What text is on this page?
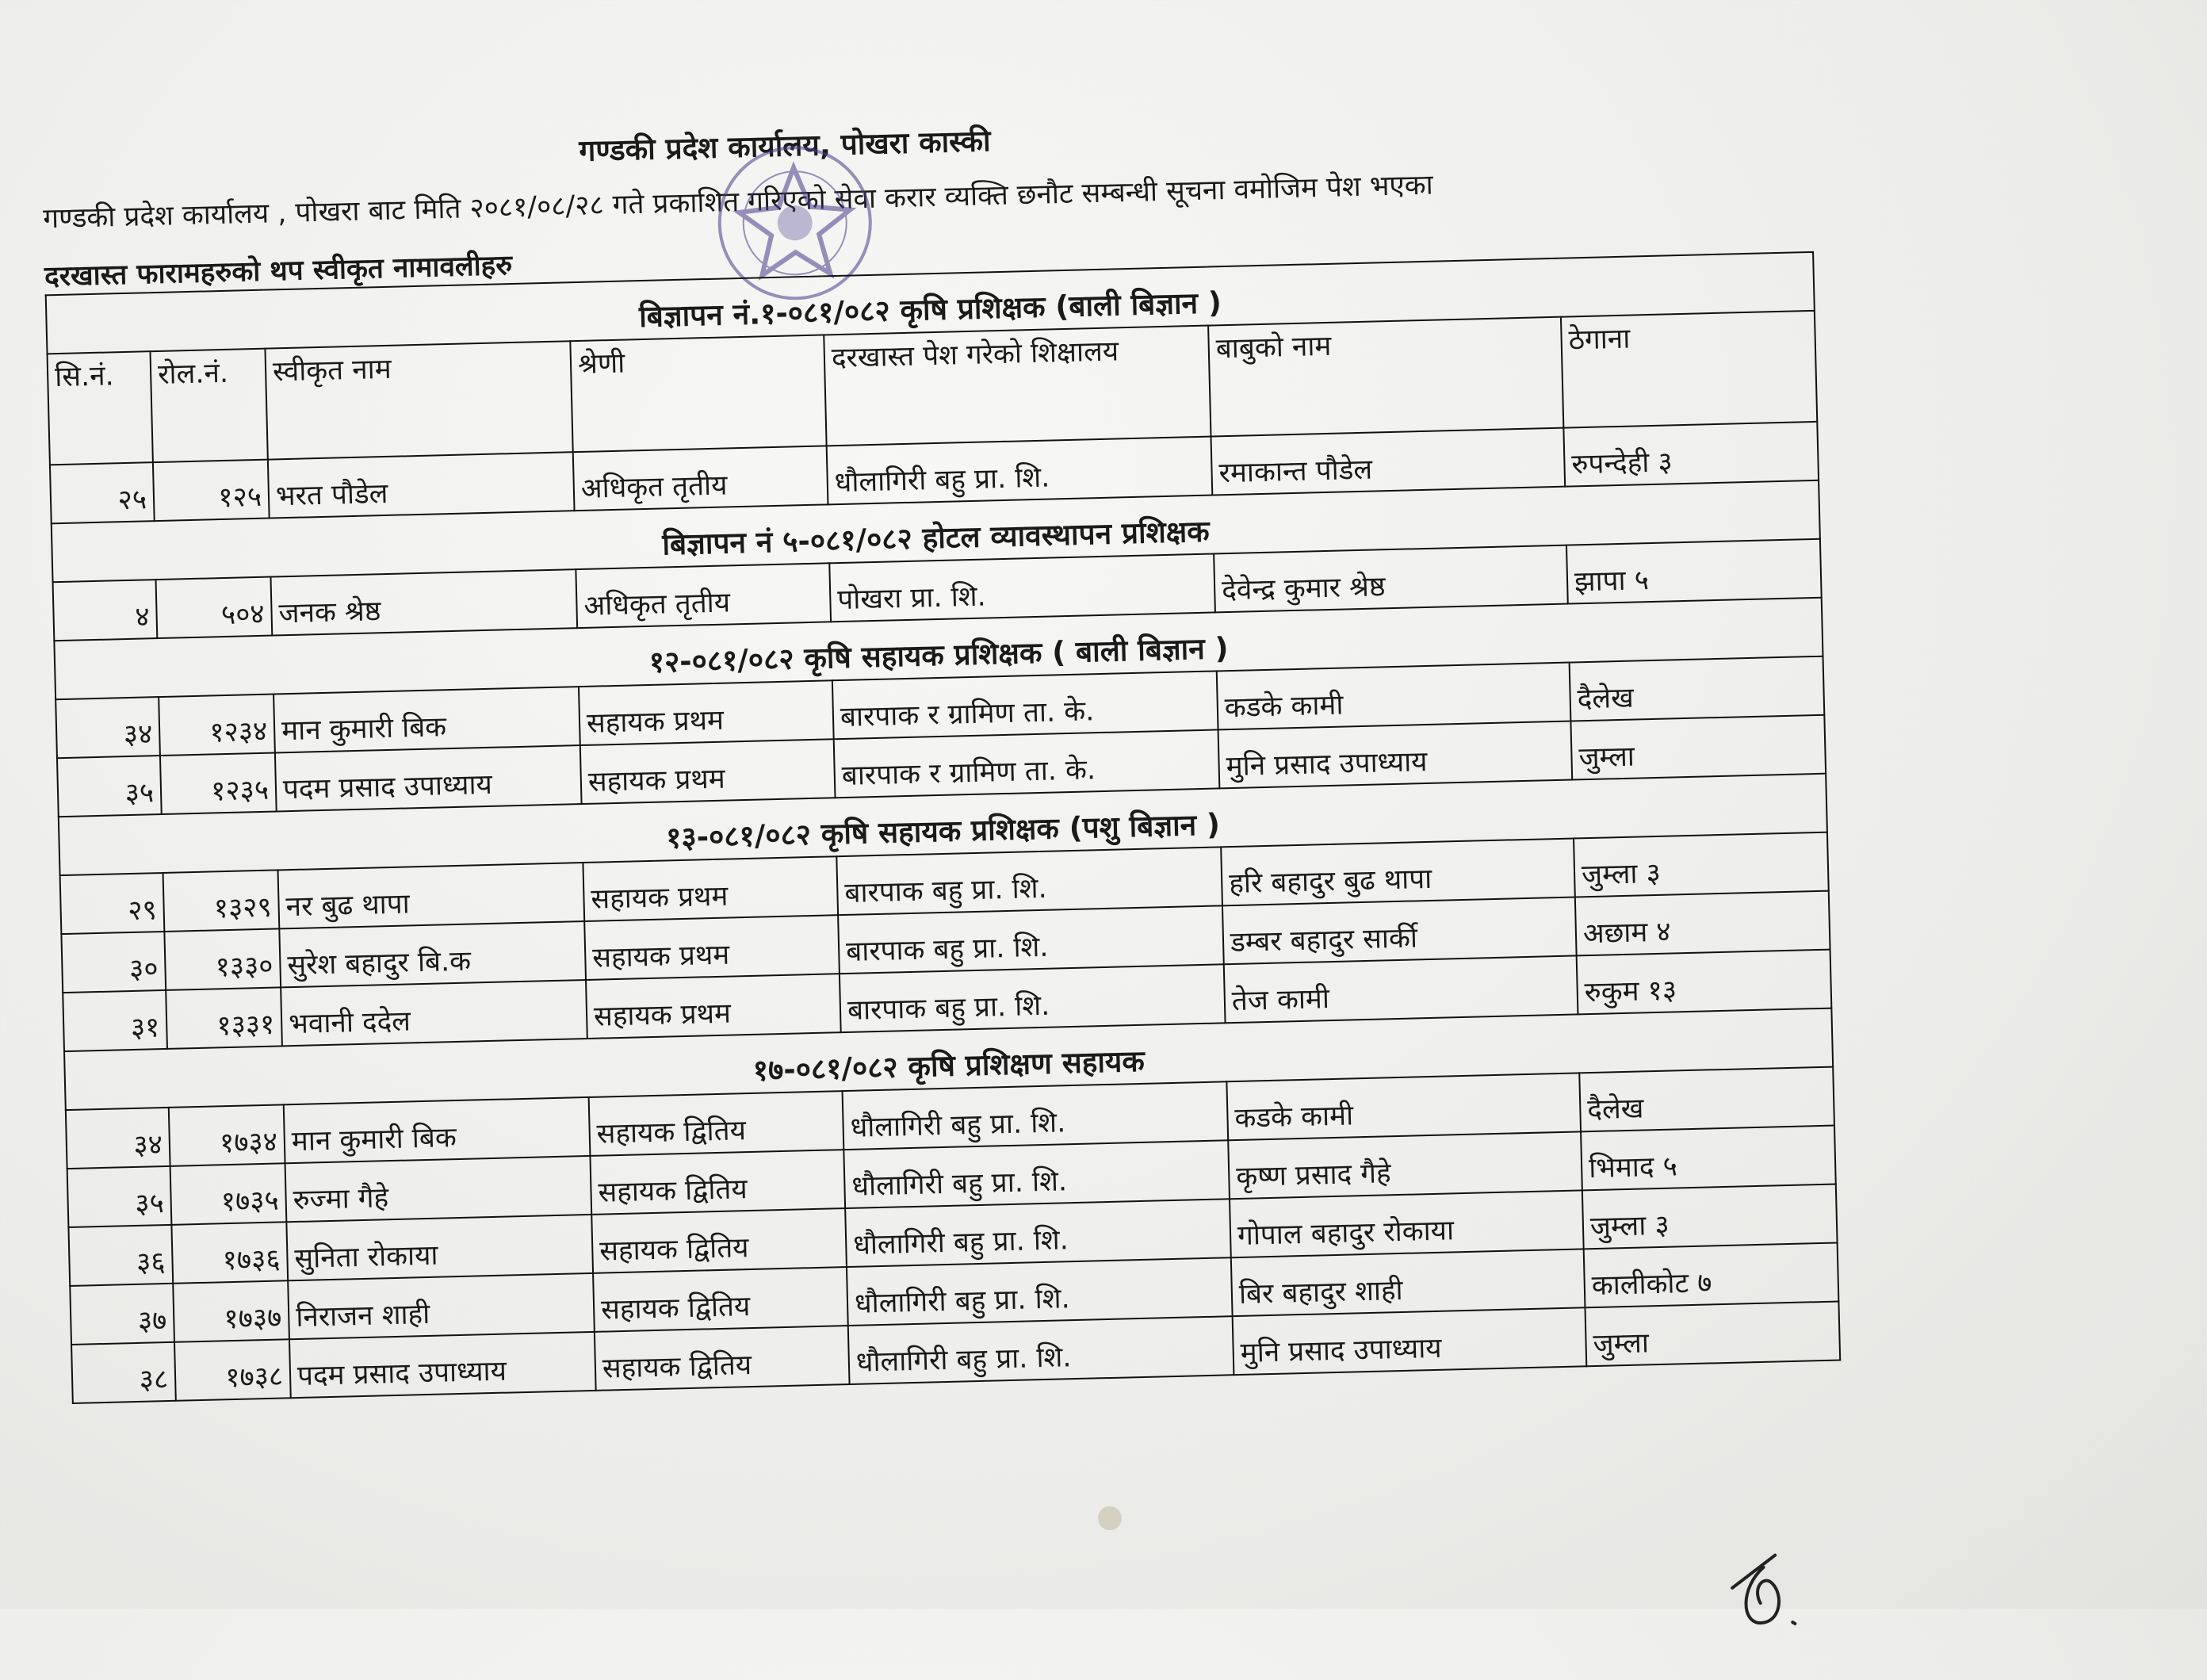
गण्डकी प्रदेश कार्यालय, पोखरा कास्की
गण्डकी प्रदेश कार्यालय , पोखरा बाट मिति २०८१/०८/२८ गते प्रकाशित गरिएको सेवा करार व्यक्ति छनौट सम्बन्धी सूचना वमोजिम पेश भएका
दरखास्त फारामहरुको थप स्वीकृत नामावलीहरु
बिज्ञापन नं.१-०८१/०८२ कृषि प्रशिक्षक (बाली बिज्ञान )						
सि.नं.	रोल.नं.	स्वीकृत नाम	श्रेणी	दरखास्त पेश गरेको शिक्षालय	बाबुको नाम	ठेगाना
२५	१२५	भरत पौडेल	अधिकृत तृतीय	धौलागिरी बहु प्रा. शि.	रमाकान्त पौडेल	रुपन्देही ३
बिज्ञापन नं ५-०८१/०८२ होटल व्यावस्थापन प्रशिक्षक						
४	५०४	जनक श्रेष्ठ	अधिकृत तृतीय	पोखरा प्रा. शि.	देवेन्द्र कुमार श्रेष्ठ	झापा ५
१२-०८१/०८२ कृषि सहायक प्रशिक्षक ( बाली बिज्ञान )						
३४	१२३४	मान कुमारी बिक	सहायक प्रथम	बारपाक र ग्रामिण ता. के.	कडके कामी	दैलेख
३५	१२३५	पदम प्रसाद उपाध्याय	सहायक प्रथम	बारपाक र ग्रामिण ता. के.	मुनि प्रसाद उपाध्याय	जुम्ला
१३-०८१/०८२ कृषि सहायक प्रशिक्षक (पशु बिज्ञान )						
२९	१३२९	नर बुढ थापा	सहायक प्रथम	बारपाक बहु प्रा. शि.	हरि बहादुर बुढ थापा	जुम्ला ३
३०	१३३०	सुरेश बहादुर बि.क	सहायक प्रथम	बारपाक बहु प्रा. शि.	डम्बर बहादुर सार्की	अछाम ४
३१	१३३१	भवानी ददेल	सहायक प्रथम	बारपाक बहु प्रा. शि.	तेज कामी	रुकुम १३
१७-०८१/०८२ कृषि प्रशिक्षण सहायक						
३४	१७३४	मान कुमारी बिक	सहायक द्वितिय	धौलागिरी बहु प्रा. शि.	कडके कामी	दैलेख
३५	१७३५	रुज्मा गैहे	सहायक द्वितिय	धौलागिरी बहु प्रा. शि.	कृष्ण प्रसाद गैहे	भिमाद ५
३६	१७३६	सुनिता रोकाया	सहायक द्वितिय	धौलागिरी बहु प्रा. शि.	गोपाल बहादुर रोकाया	जुम्ला ३
३७	१७३७	निराजन शाही	सहायक द्वितिय	धौलागिरी बहु प्रा. शि.	बिर बहादुर शाही	कालीकोट ७
३८	१७३८	पदम प्रसाद उपाध्याय	सहायक द्वितिय	धौलागिरी बहु प्रा. शि.	मुनि प्रसाद उपाध्याय	जुम्ला
